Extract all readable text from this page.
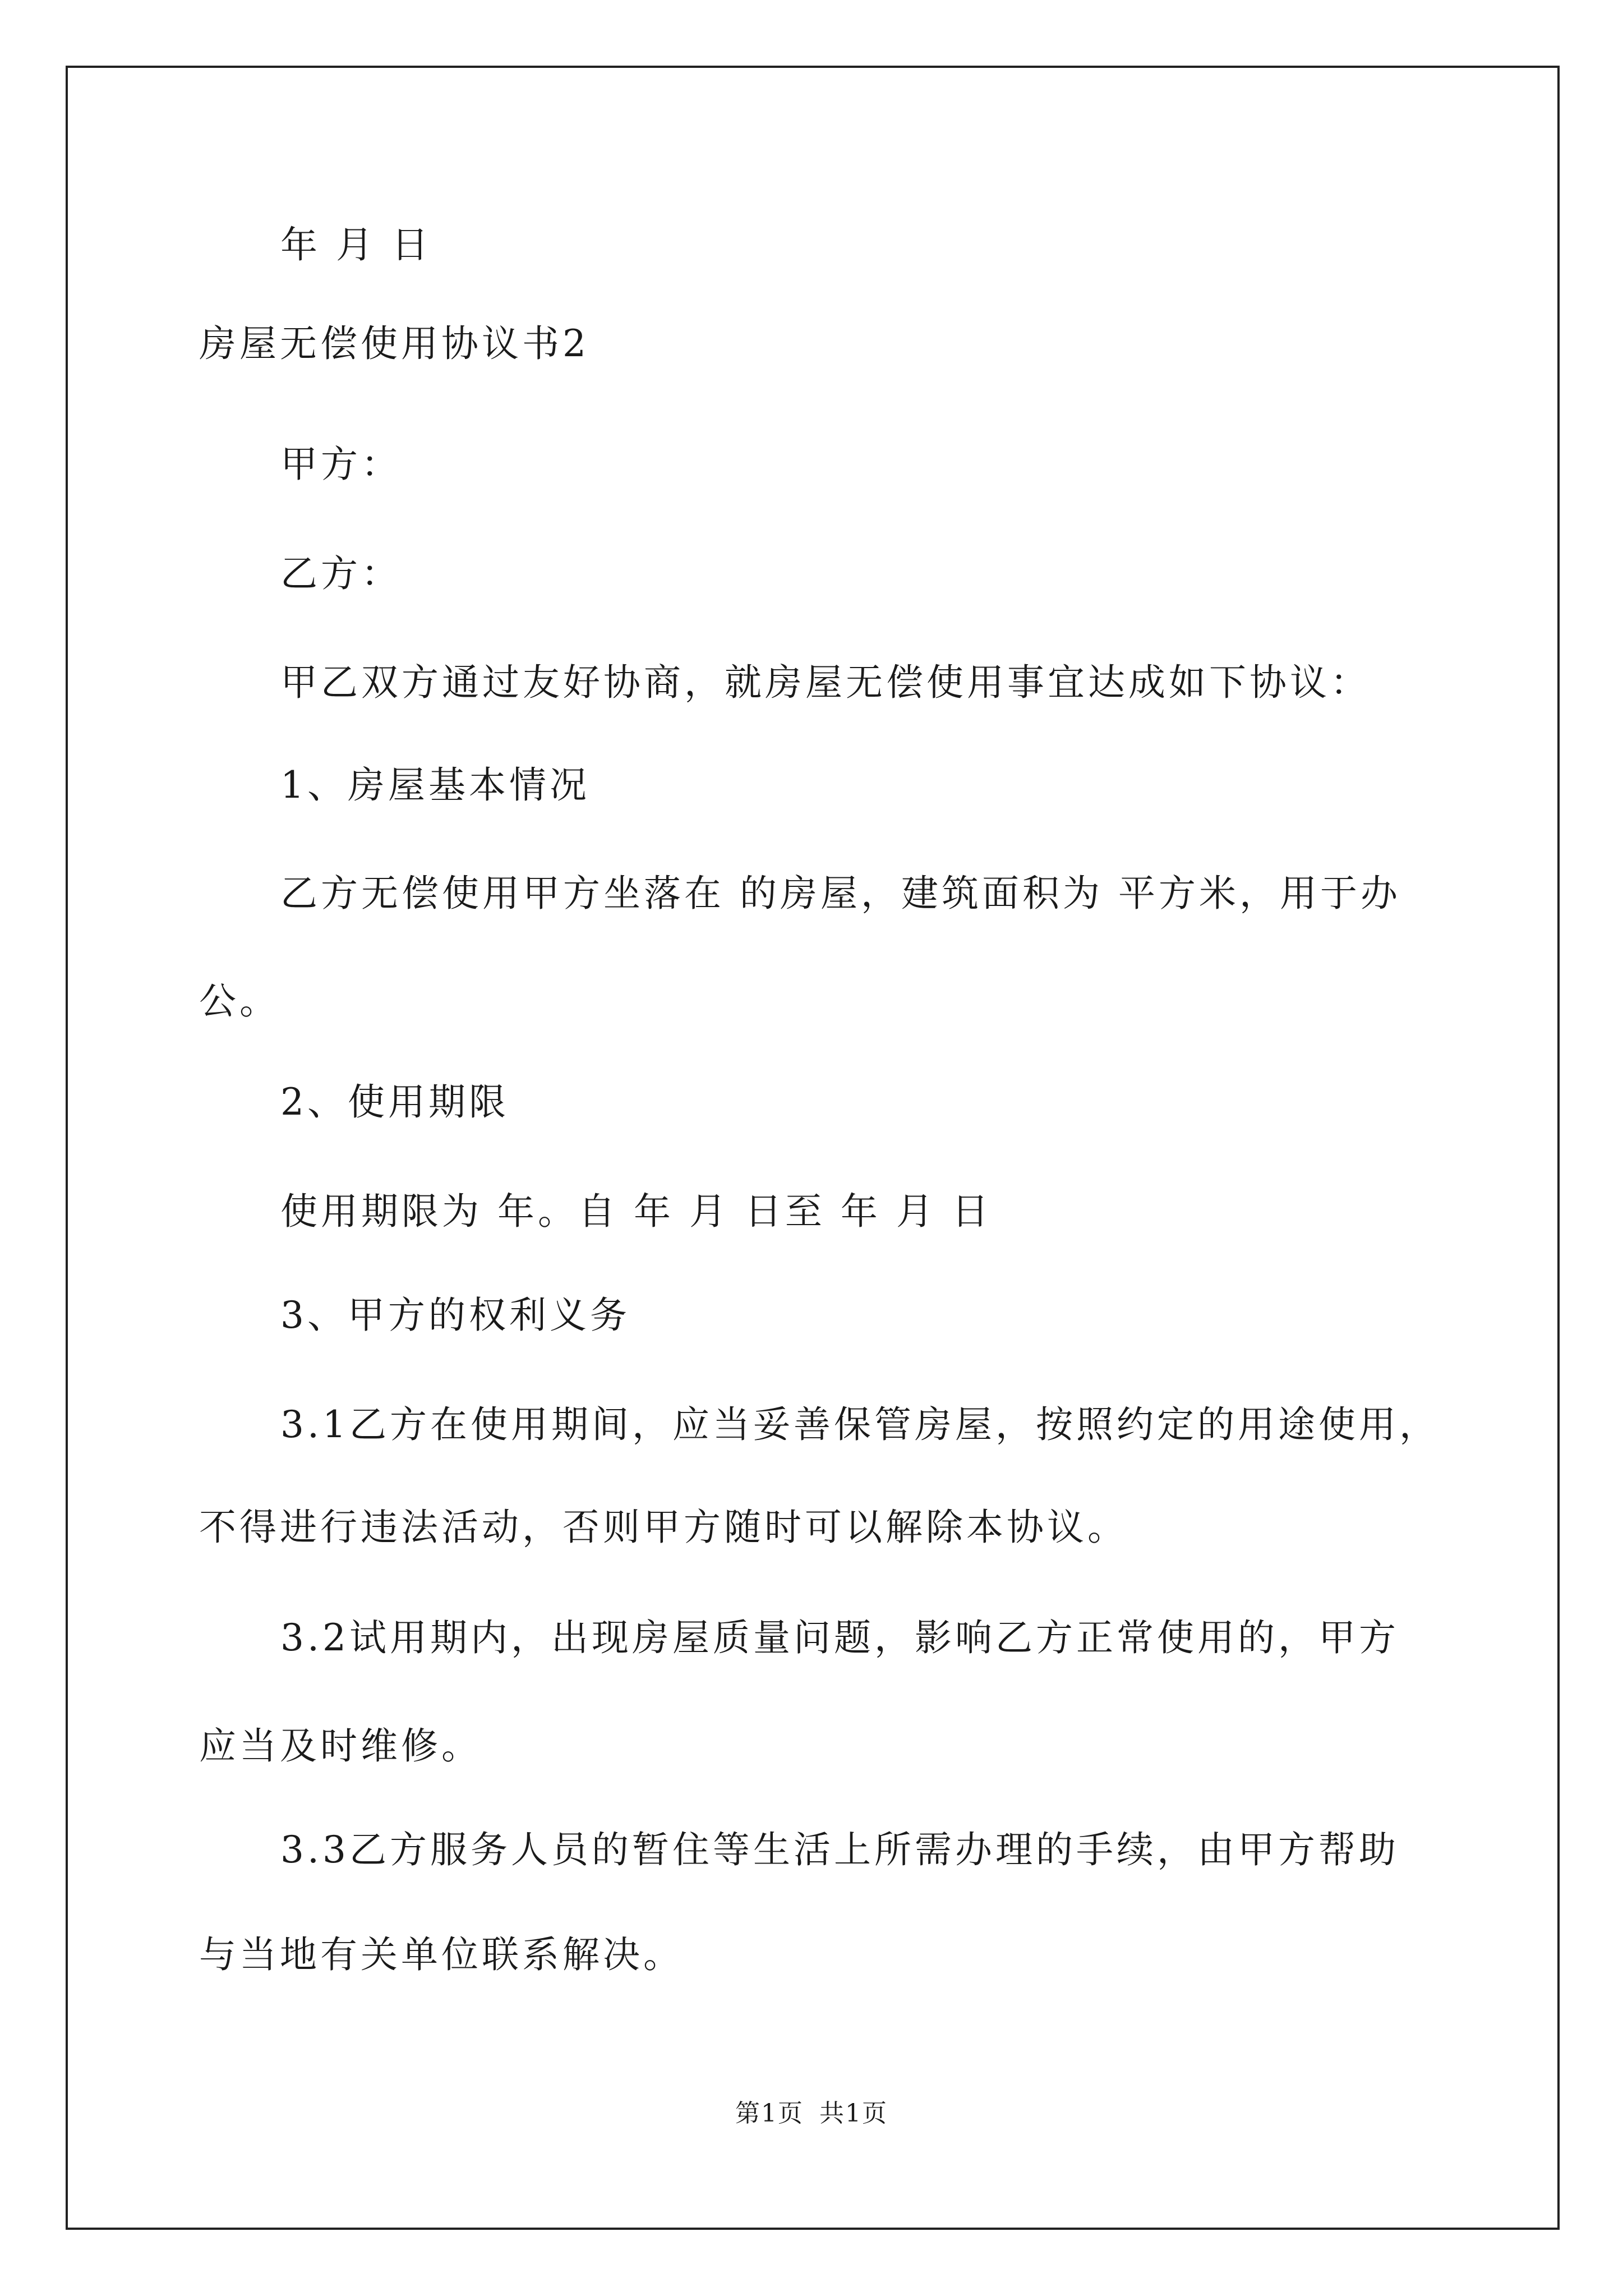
年 月 日
房屋无偿使用协议书2
甲方：
乙方：
甲乙双方通过友好协商，就房屋无偿使用事宜达成如下协议：
1、房屋基本情况
乙方无偿使用甲方坐落在 的房屋，建筑面积为 平方米，用于办
公。
2、使用期限
使用期限为 年。自 年 月 日至 年 月 日
3、甲方的权利义务
3.1乙方在使用期间，应当妥善保管房屋，按照约定的用途使用，
不得进行违法活动，否则甲方随时可以解除本协议。
3.2试用期内，出现房屋质量问题，影响乙方正常使用的，甲方
应当及时维修。
3.3乙方服务人员的暂住等生活上所需办理的手续，由甲方帮助
与当地有关单位联系解决。
第1页 共1页
